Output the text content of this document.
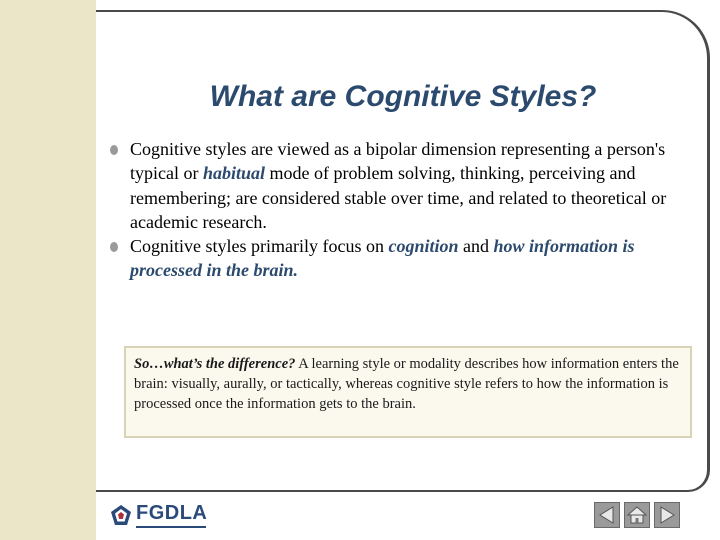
What are Cognitive Styles?
Cognitive styles are viewed as a bipolar dimension representing a person's typical or habitual mode of problem solving, thinking, perceiving and remembering; are considered stable over time, and related to theoretical or academic research.
Cognitive styles primarily focus on cognition and how information is processed in the brain.
So…what’s the difference? A learning style or modality describes how information enters the brain: visually, aurally, or tactically, whereas cognitive style refers to how the information is processed once the information gets to the brain.
FGDLA
